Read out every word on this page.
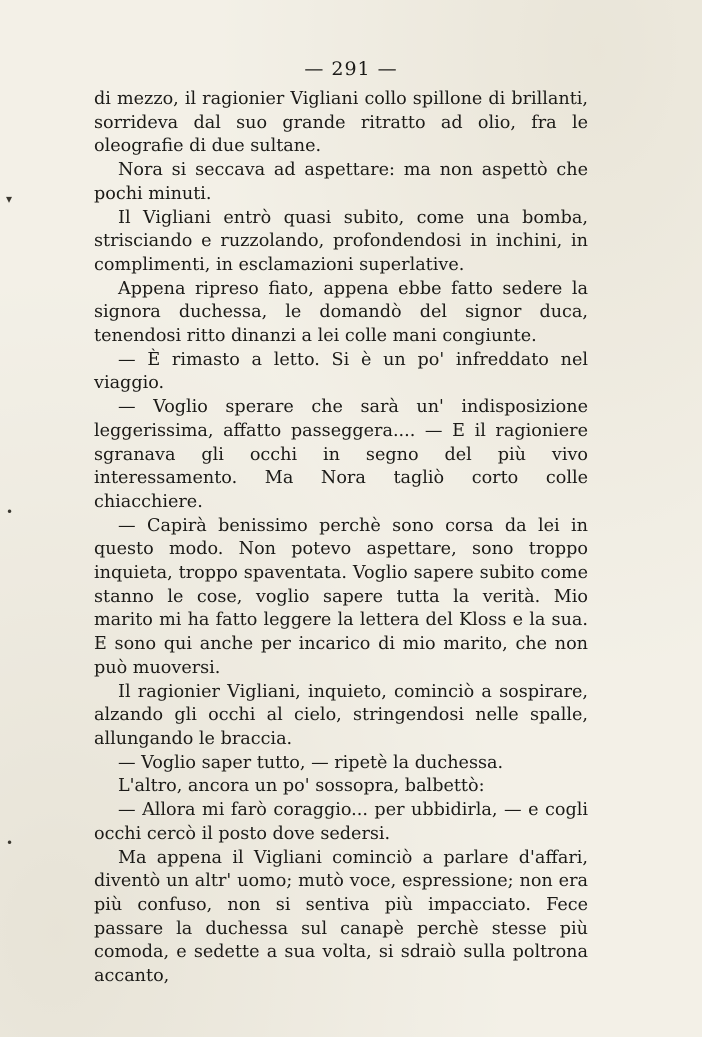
— 291 —

di mezzo, il ragionier Vigliani collo spillone di brillanti, sorrideva dal suo grande ritratto ad olio, fra le oleografie di due sultane.

Nora si seccava ad aspettare: ma non aspettò che pochi minuti.

Il Vigliani entrò quasi subito, come una bomba, strisciando e ruzzolando, profondendosi in inchini, in complimenti, in esclamazioni superlative.

Appena ripreso fiato, appena ebbe fatto sedere la signora duchessa, le domandò del signor duca, tenendosi ritto dinanzi a lei colle mani congiunte.

— È rimasto a letto. Si è un po' infreddato nel viaggio.

— Voglio sperare che sarà un' indisposizione leggerissima, affatto passeggera.... — E il ragioniere sgranava gli occhi in segno del più vivo interessamento. Ma Nora tagliò corto colle chiacchiere.

— Capirà benissimo perchè sono corsa da lei in questo modo. Non potevo aspettare, sono troppo inquieta, troppo spaventata. Voglio sapere subito come stanno le cose, voglio sapere tutta la verità. Mio marito mi ha fatto leggere la lettera del Kloss e la sua. E sono qui anche per incarico di mio marito, che non può muoversi.

Il ragionier Vigliani, inquieto, cominciò a sospirare, alzando gli occhi al cielo, stringendosi nelle spalle, allungando le braccia.

— Voglio saper tutto, — ripetè la duchessa.

L'altro, ancora un po' sossopra, balbettò:

— Allora mi farò coraggio... per ubbidirla, — e cogli occhi cercò il posto dove sedersi.

Ma appena il Vigliani cominciò a parlare d'affari, diventò un altr' uomo; mutò voce, espressione; non era più confuso, non si sentiva più impacciato. Fece passare la duchessa sul canapè perchè stesse più comoda, e sedette a sua volta, si sdraiò sulla poltrona accanto,

▾
•
•
